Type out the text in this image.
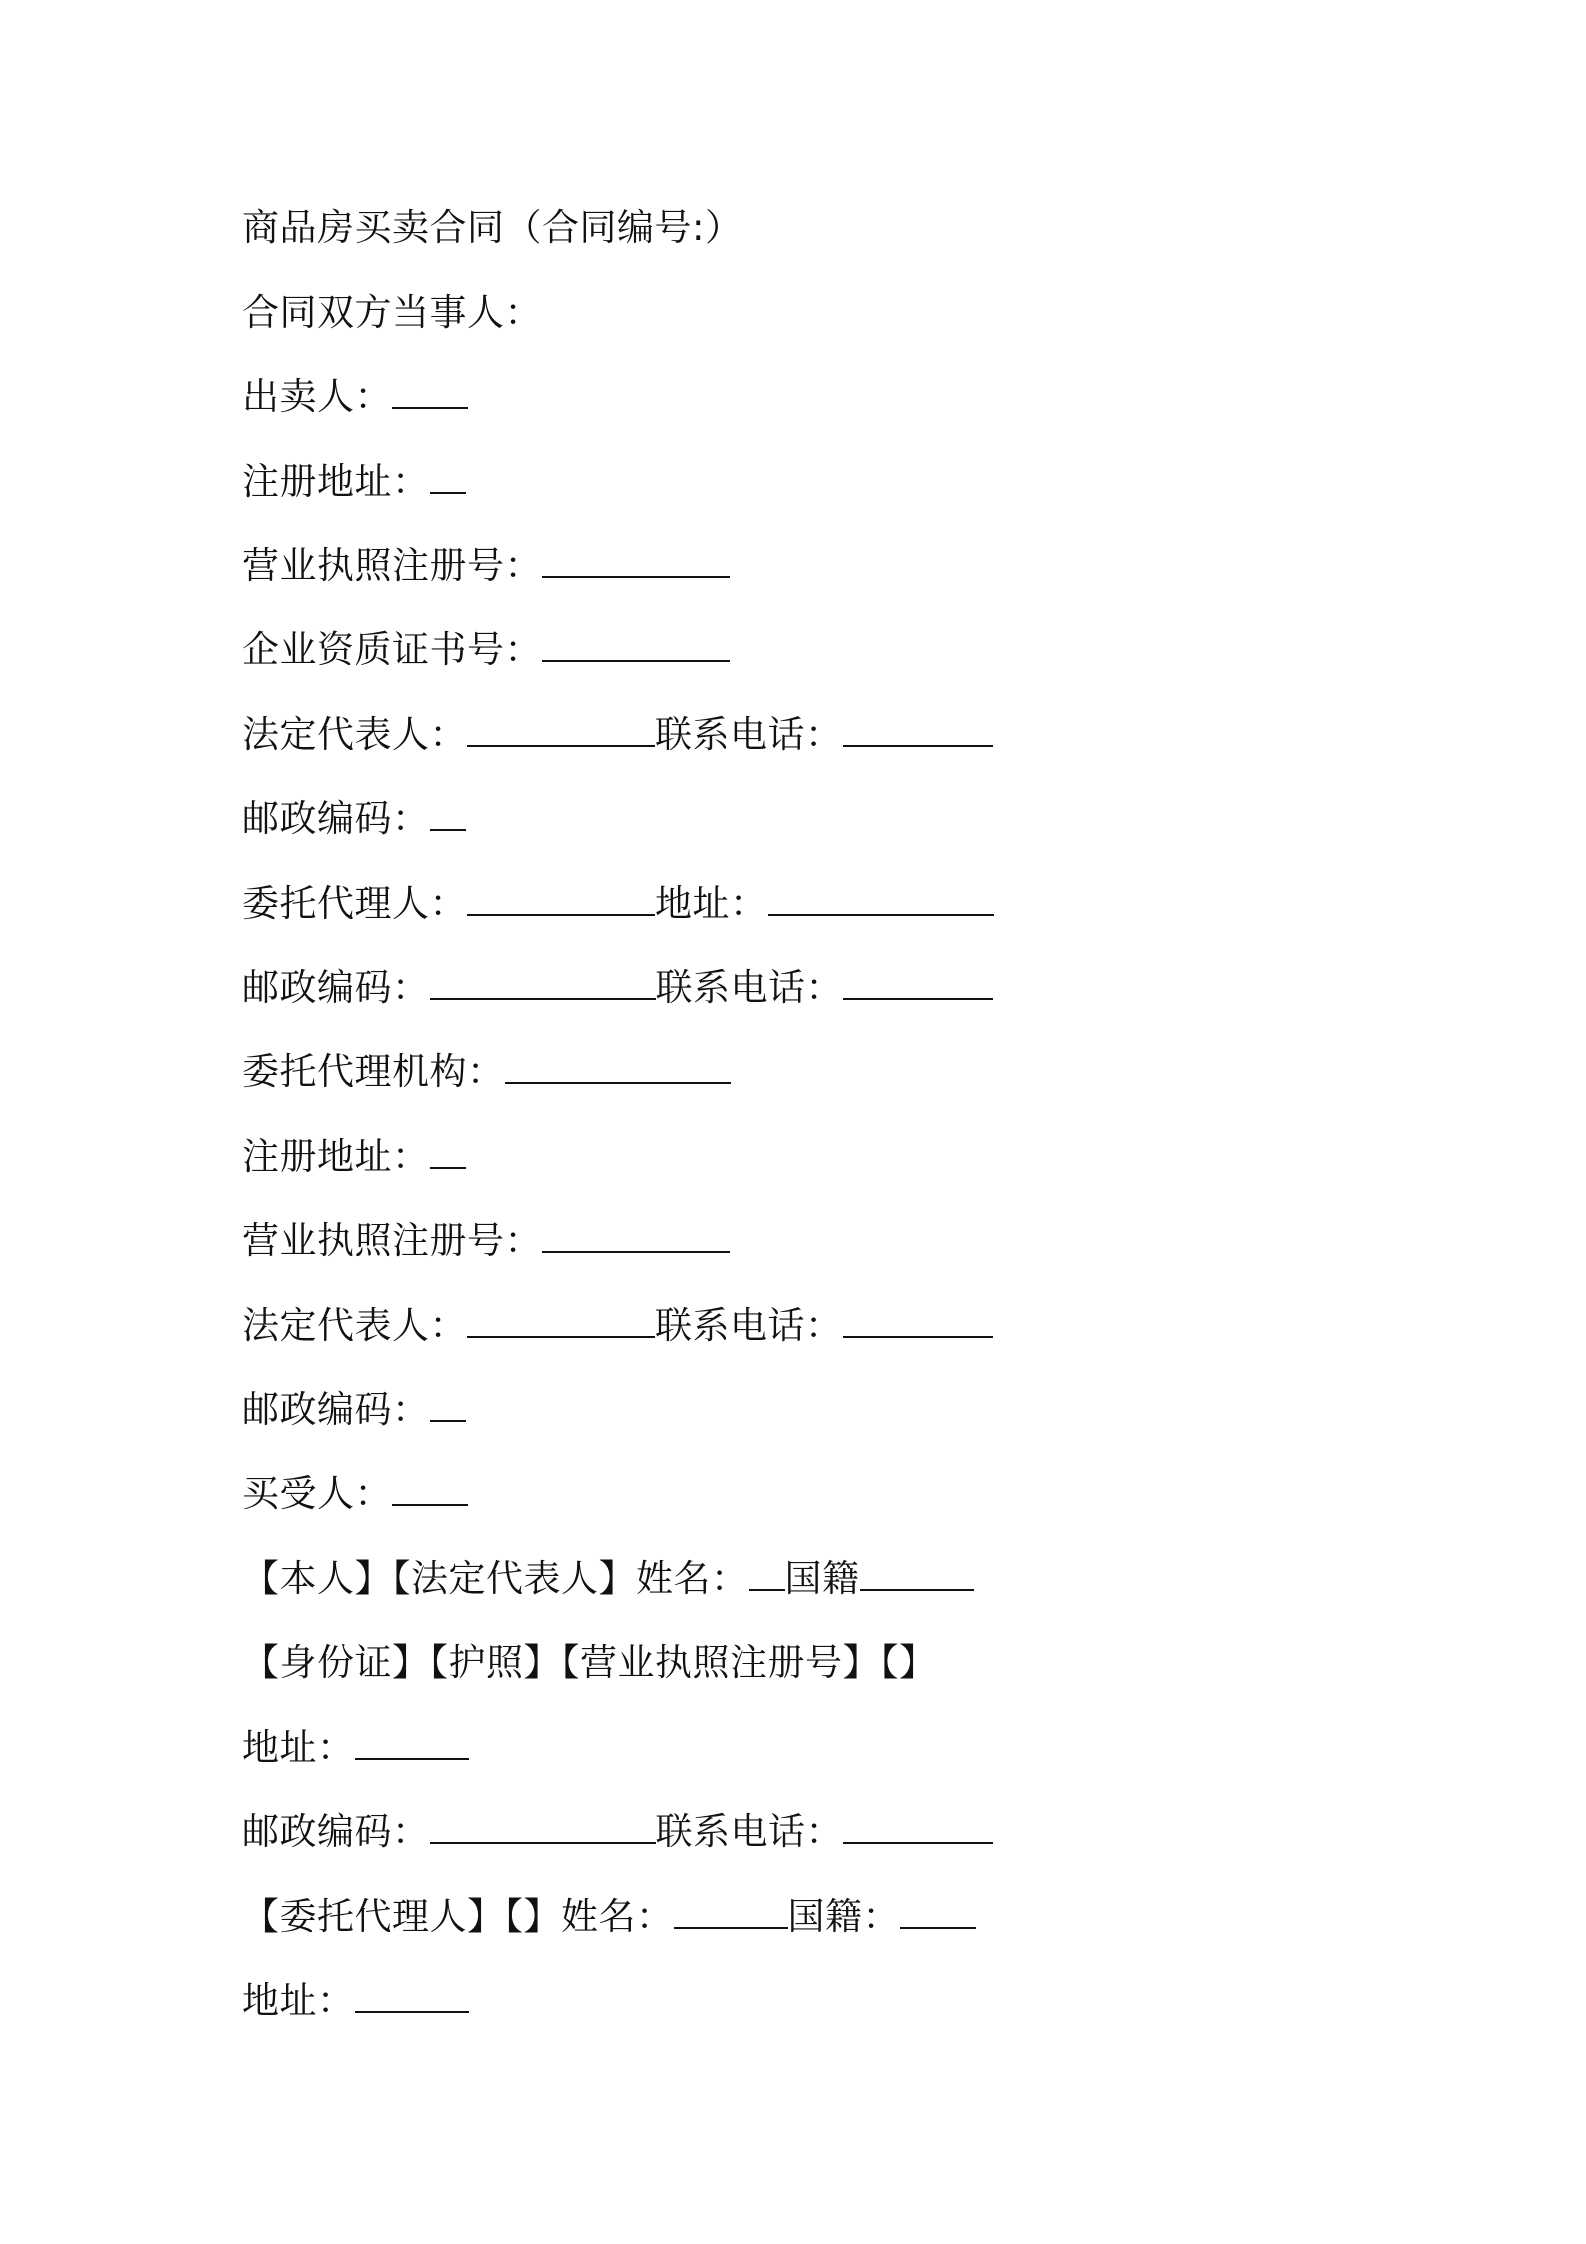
商品房买卖合同（合同编号:）
合同双方当事人：
出卖人：
注册地址：
营业执照注册号：
企业资质证书号：
法定代表人：	联系电话：
邮政编码：
委托代理人：	地址：
邮政编码：	联系电话：
委托代理机构：
注册地址：
营业执照注册号：
法定代表人：	联系电话：
邮政编码：
买受人：
【本人】【法定代表人】姓名： 国籍
【身份证】【护照】【营业执照注册号】【】
地址：
邮政编码：	联系电话：
【委托代理人】【】姓名：	国籍：
地址：
